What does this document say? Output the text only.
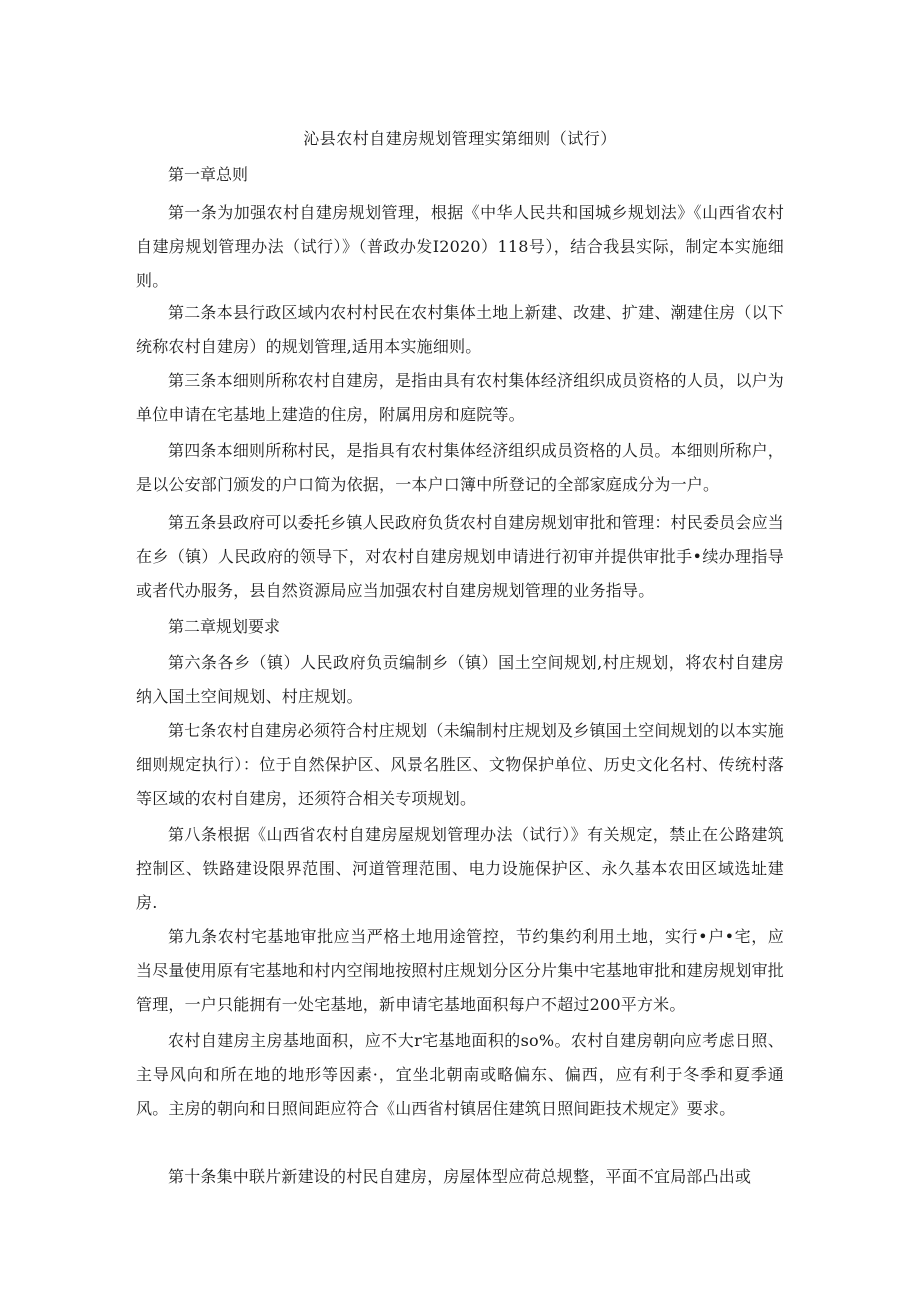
沁县农村自建房规划管理实第细则（试行）

第一章总则

第一条为加强农村自建房规划管理，根据《中华人民共和国城乡规划法》《山西省农村自建房规划管理办法（试行）》（普政办发I2020）118号），结合我县实际，制定本实施细则。

第二条本县行政区域内农村村民在农村集体土地上新建、改建、扩建、潮建住房（以下统称农村自建房）的规划管理,适用本实施细则。

第三条本细则所称农村自建房，是指由具有农村集体经济组织成员资格的人员，以户为单位申请在宅基地上建造的住房，附属用房和庭院等。

第四条本细则所称村民，是指具有农村集体经济组织成员资格的人员。本细则所称户，是以公安部门颁发的户口简为依据，一本户口簿中所登记的全部家庭成分为一户。

第五条县政府可以委托乡镇人民政府负货农村自建房规划审批和管理：村民委员会应当在乡（镇）人民政府的领导下，对农村自建房规划申请进行初审并提供审批手•续办理指导或者代办服务，县自然资源局应当加强农村自建房规划管理的业务指导。

第二章规划要求

第六条各乡（镇）人民政府负贡编制乡（镇）国土空间规划,村庄规划，将农村自建房纳入国土空间规划、村庄规划。

第七条农村自建房必须符合村庄规划（未编制村庄规划及乡镇国土空间规划的以本实施细则规定执行）：位于自然保护区、风景名胜区、文物保护单位、历史文化名村、传统村落等区域的农村自建房，还须符合相关专项规划。

第八条根据《山西省农村自建房屋规划管理办法（试行）》有关规定，禁止在公路建筑控制区、铁路建设限界范围、河道管理范围、电力设施保护区、永久基本农田区域选址建房.

第九条农村宅基地审批应当严格土地用途管控，节约集约利用土地，实行•户•宅，应当尽量使用原有宅基地和村内空闱地按照村庄规划分区分片集中宅基地审批和建房规划审批管理，一户只能拥有一处宅基地，新申请宅基地面积每户不超过200平方米。

农村自建房主房基地面积，应不大r宅基地面积的so%。农村自建房朝向应考虑日照、主导风向和所在地的地形等因素·，宜坐北朝南或略偏东、偏西，应有利于冬季和夏季通风。主房的朝向和日照间距应符合《山西省村镇居住建筑日照间距技术规定》要求。

第十条集中联片新建设的村民自建房，房屋体型应荷总规整，平面不宜局部凸出或
